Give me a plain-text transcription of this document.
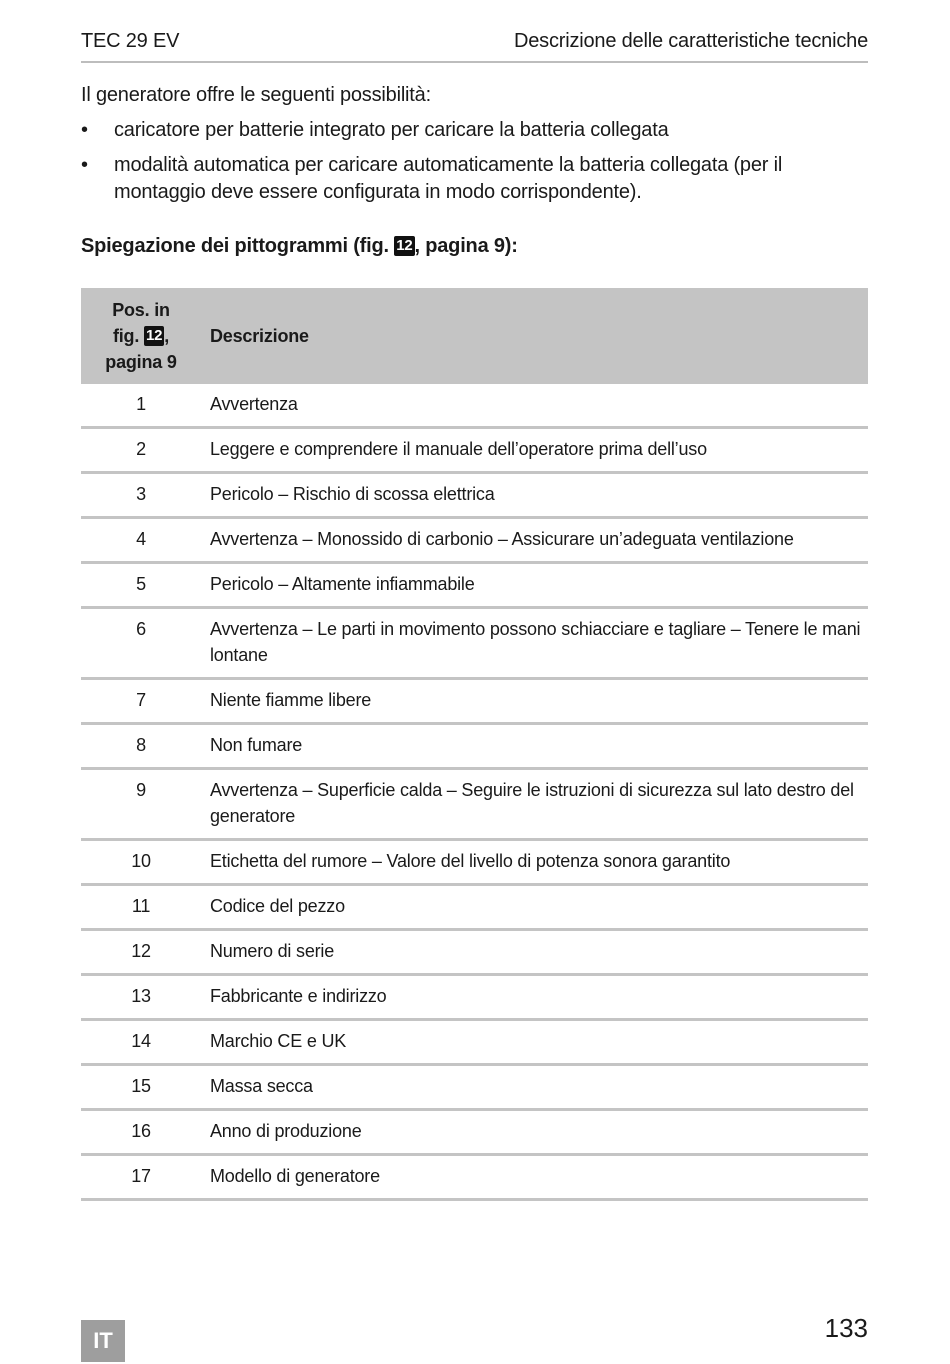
TEC 29 EV	Descrizione delle caratteristiche tecniche

Il generatore offre le seguenti possibilità:

• caricatore per batterie integrato per caricare la batteria collegata
• modalità automatica per caricare automaticamente la batteria collegata (per il montaggio deve essere configurata in modo corrispondente).
Spiegazione dei pittogrammi (fig. 12 , pagina 9):
Pos. in
fig. 12 ,
pagina 9	Descrizione
1	Avvertenza
2	Leggere e comprendere il manuale dell’operatore prima dell’uso
3	Pericolo – Rischio di scossa elettrica
4	Avvertenza – Monossido di carbonio – Assicurare un’adeguata ventilazione
5	Pericolo – Altamente infiammabile
6	Avvertenza – Le parti in movimento possono schiacciare e tagliare – Tenere le mani lontane
7	Niente fiamme libere
8	Non fumare
9	Avvertenza – Superficie calda – Seguire le istruzioni di sicurezza sul lato destro del generatore
10	Etichetta del rumore – Valore del livello di potenza sonora garantito
11	Codice del pezzo
12	Numero di serie
13	Fabbricante e indirizzo
14	Marchio CE e UK
15	Massa secca
16	Anno di produzione
17	Modello di generatore
IT	133
